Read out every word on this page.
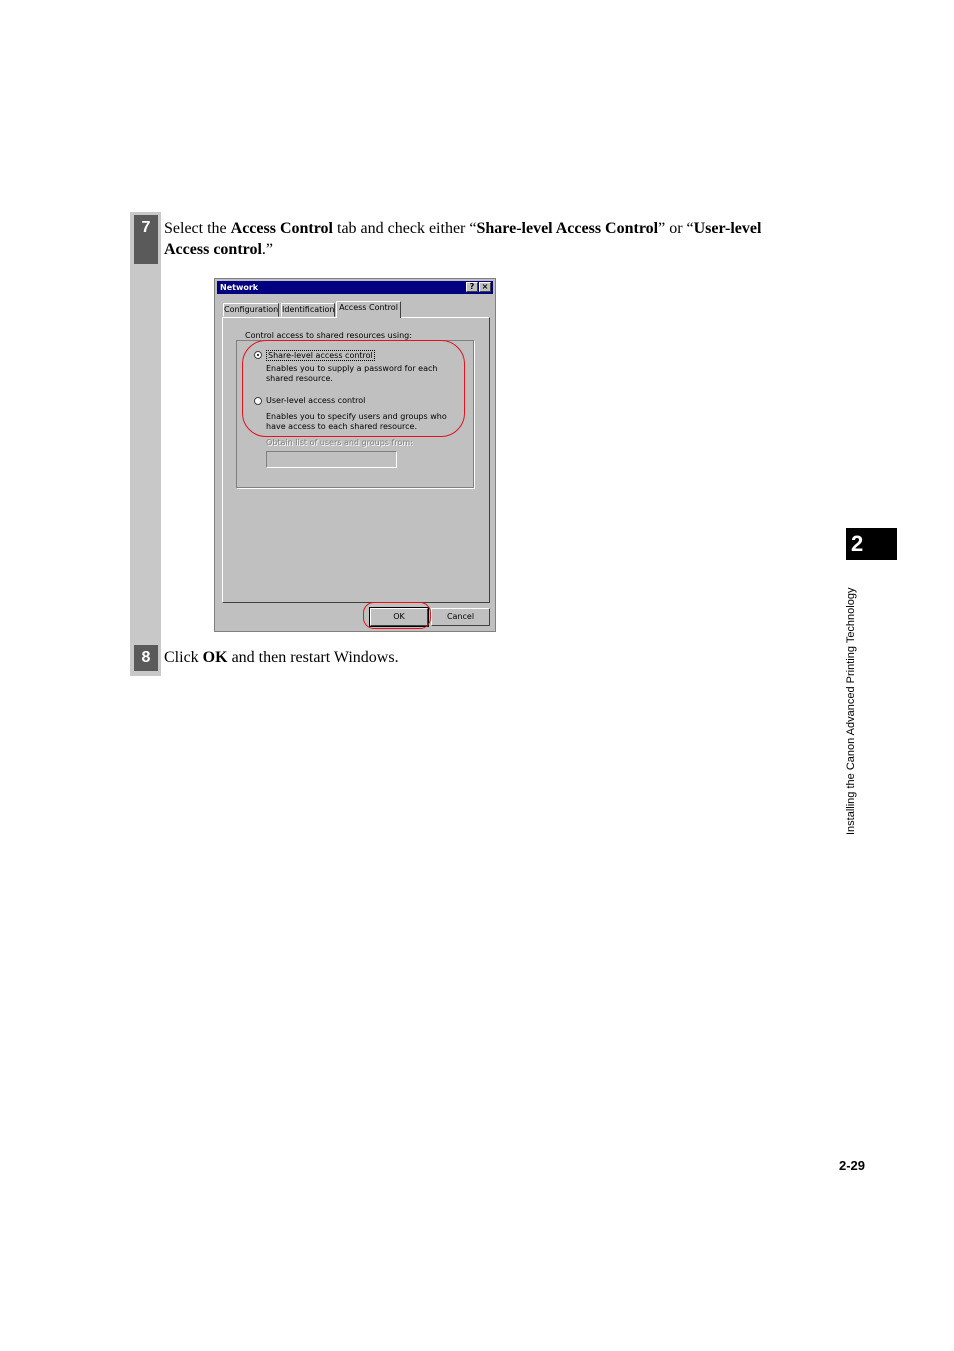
7 Select the Access Control tab and check either “Share-level Access Control” or “User-level Access control.”
Network	? ×
Configuration Identification Access Control
Control access to shared resources using:
Share-level access control
Enables you to supply a password for each shared resource.
User-level access control
Enables you to specify users and groups who have access to each shared resource.
Obtain list of users and groups from:
OK	Cancel
8 Click OK and then restart Windows.
2
Installing the Canon Advanced Printing Technology
2-29
